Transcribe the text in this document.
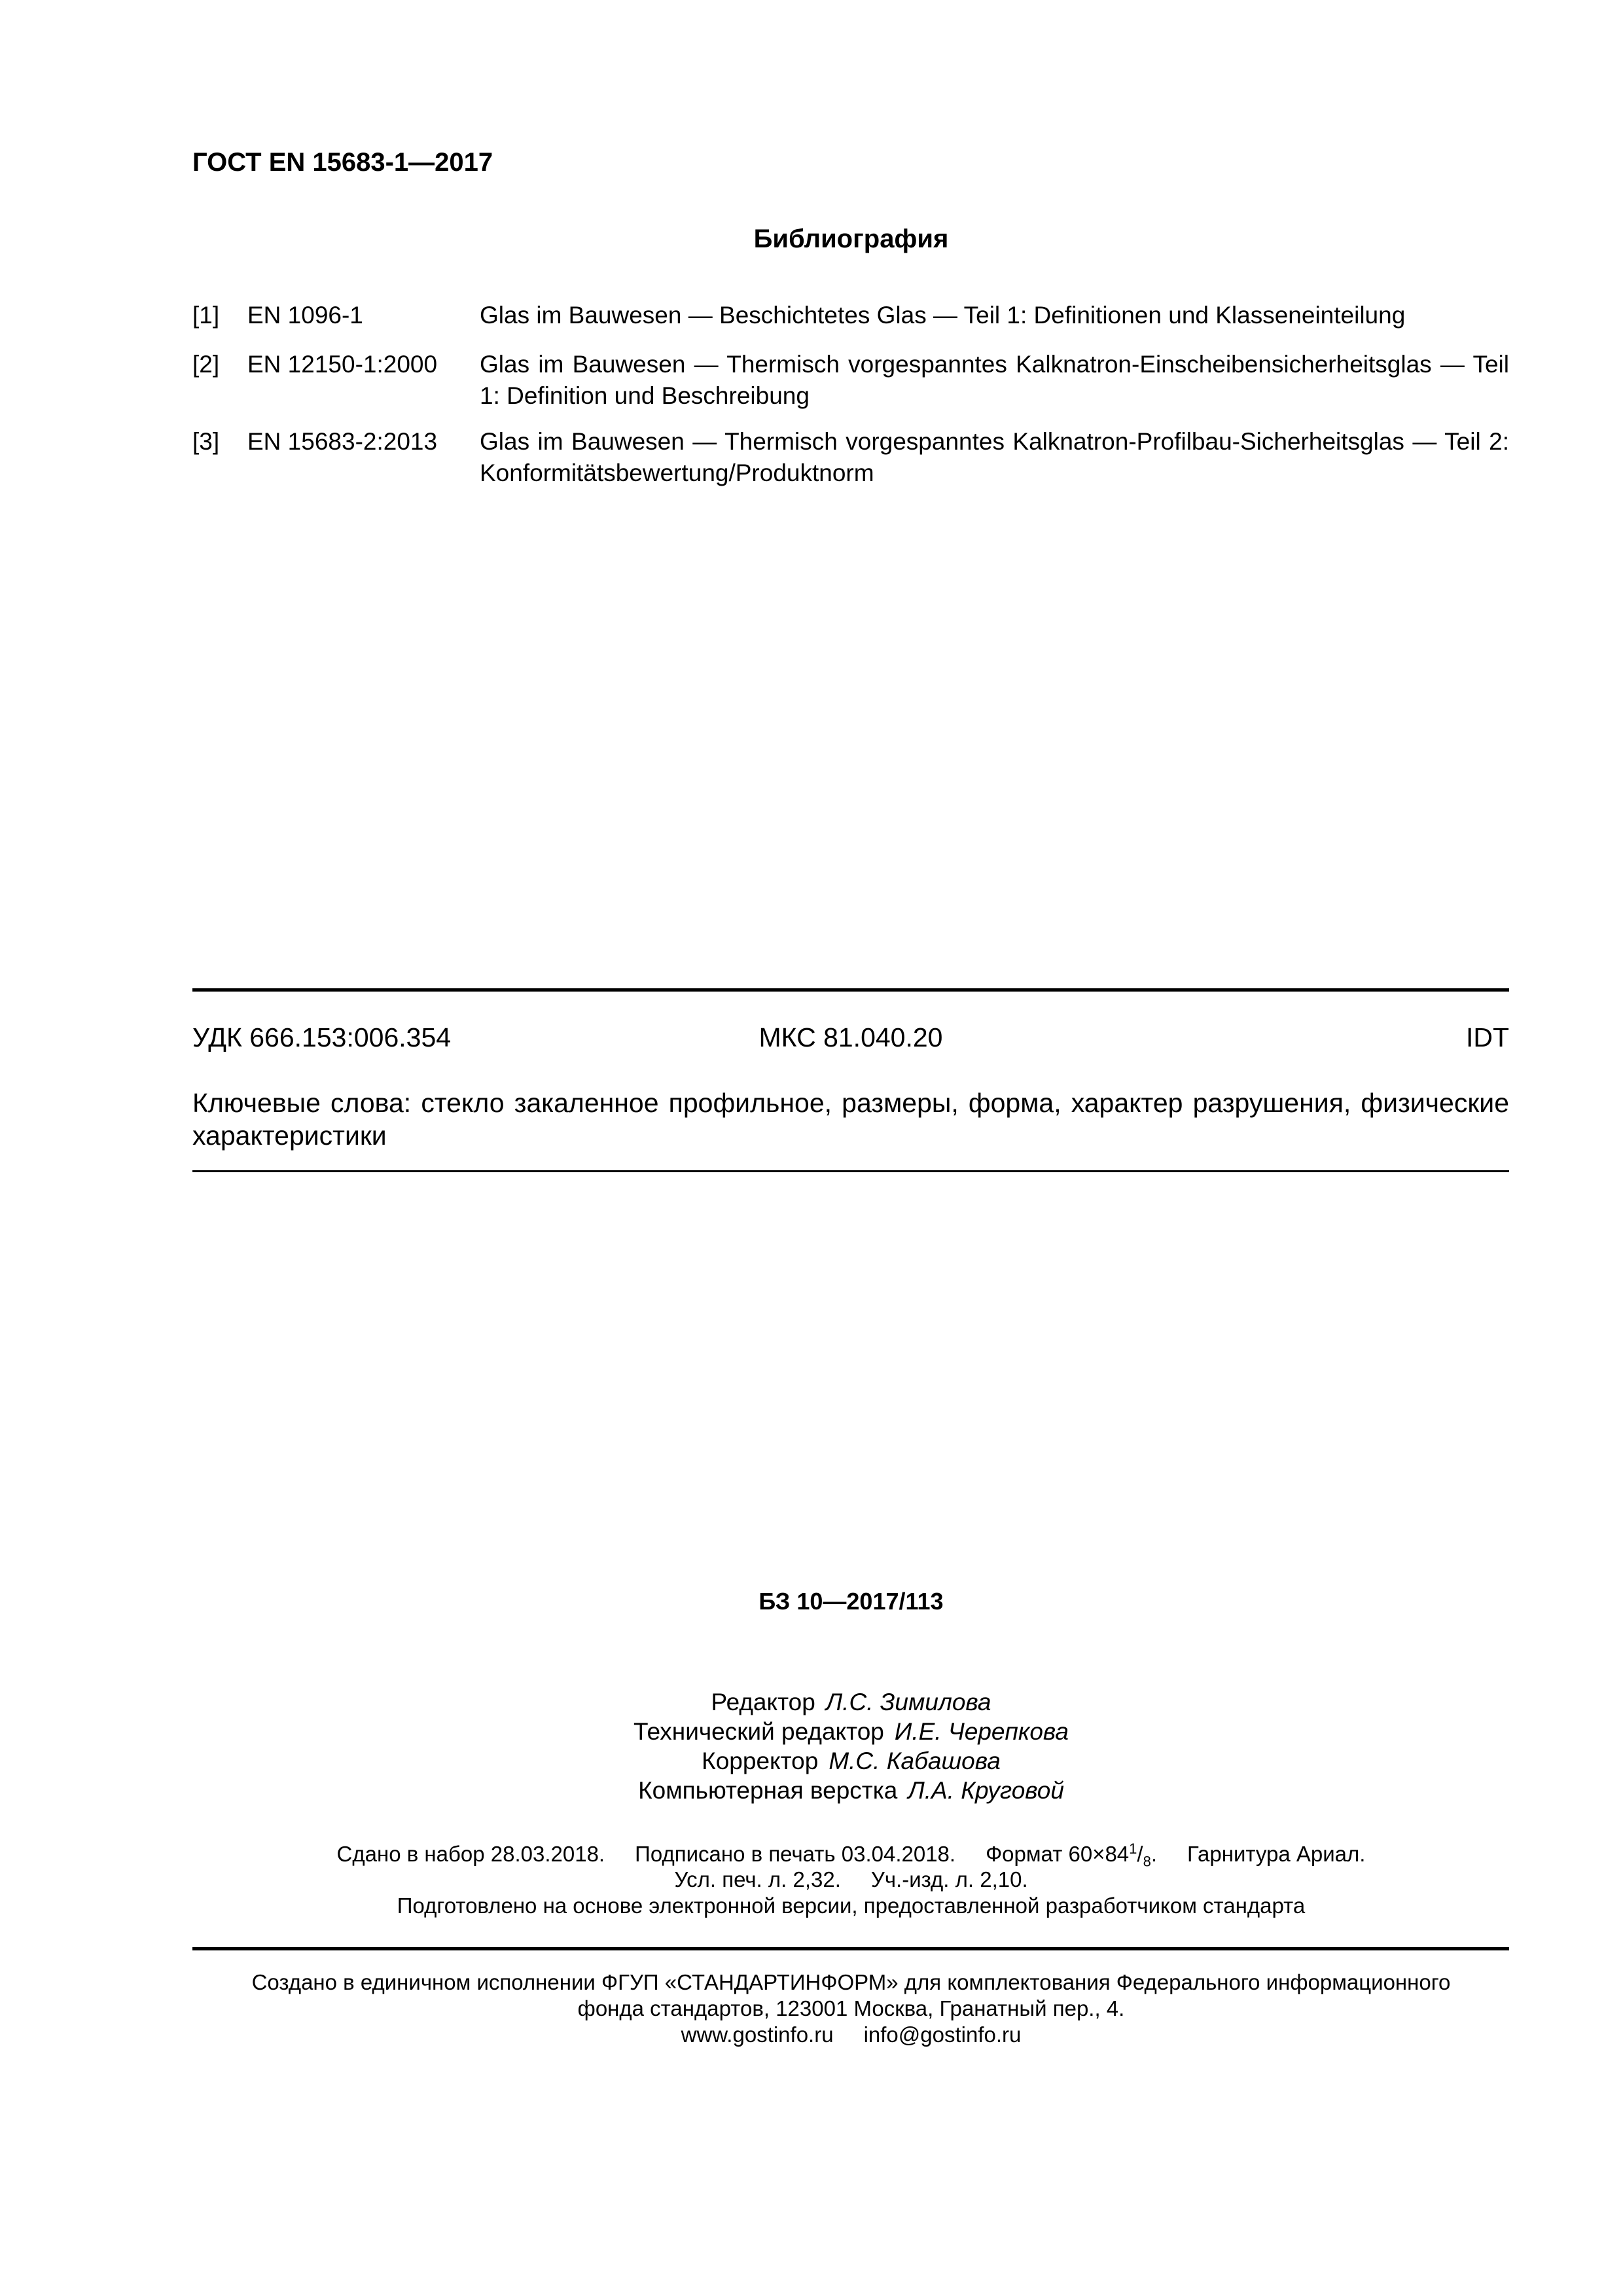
ГОСТ EN 15683-1—2017
Библиография
[1] EN 1096-1	Glas im Bauwesen — Beschichtetes Glas — Teil 1: Definitionen und Klasseneinteilung
[2] EN 12150-1:2000 Glas im Bauwesen — Thermisch vorgespanntes Kalknatron-Einscheibensicherheitsglas — Teil 1: Definition und Beschreibung
[3] EN 15683-2:2013 Glas im Bauwesen — Thermisch vorgespanntes Kalknatron-Profilbau-Sicherheitsglas — Teil 2: Konformitätsbewertung/Produktnorm
УДК 666.153:006.354	МКС 81.040.20	IDT
Ключевые слова: стекло закаленное профильное, размеры, форма, характер разрушения, физические характеристики
БЗ 10—2017/113
Редактор Л.С. Зимилова
Технический редактор И.Е. Черепкова
Корректор М.С. Кабашова
Компьютерная верстка Л.А. Круговой
Сдано в набор 28.03.2018. Подписано в печать 03.04.2018. Формат $60\times 84^1/_8$. Гарнитура Ариал.
Усл. печ. л. 2,32. Уч.-изд. л. 2,10.
Подготовлено на основе электронной версии, предоставленной разработчиком стандарта
Создано в единичном исполнении ФГУП «СТАНДАРТИНФОРМ» для комплектования Федерального информационного
фонда стандартов, 123001 Москва, Гранатный пер., 4.
www.gostinfo.ru info@gostinfo.ru
